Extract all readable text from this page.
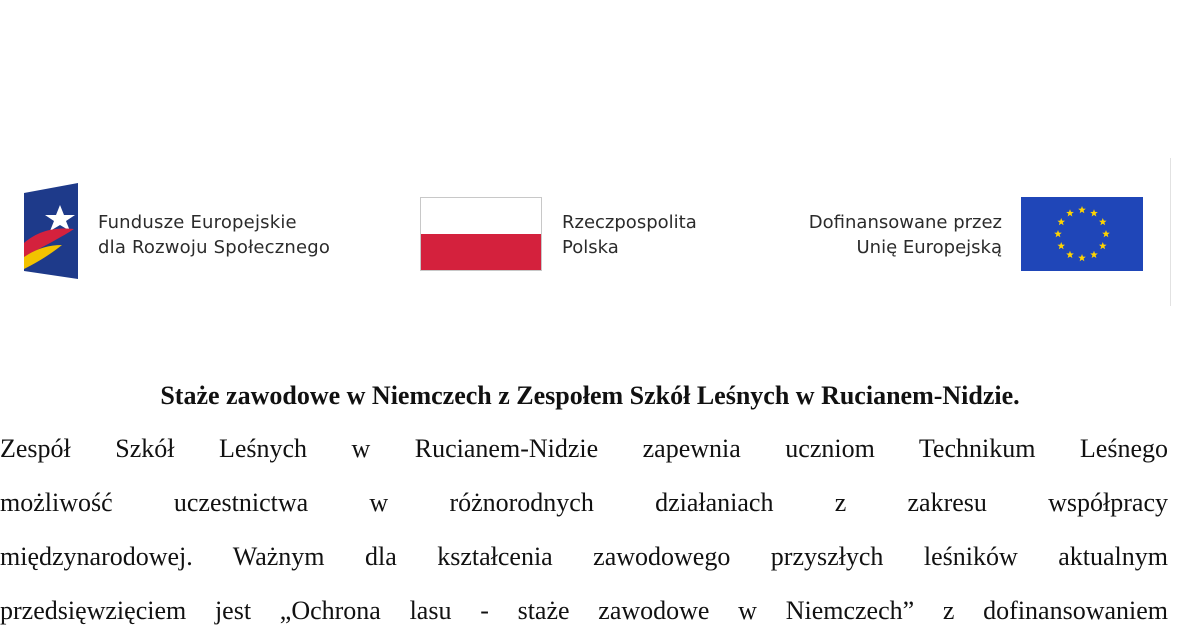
Fundusze Europejskie
dla Rozwoju Społecznego
Rzeczpospolita
Polska
Dofinansowane przez
Unię Europejską
Staże zawodowe w Niemczech z Zespołem Szkół Leśnych w Rucianem-Nidzie.

Zespół Szkół Leśnych w Rucianem-Nidzie zapewnia uczniom Technikum Leśnego

możliwość uczestnictwa w różnorodnych działaniach z zakresu współpracy

międzynarodowej. Ważnym dla kształcenia zawodowego przyszłych leśników aktualnym

przedsięwzięciem jest „Ochrona lasu - staże zawodowe w Niemczech” z dofinansowaniem
